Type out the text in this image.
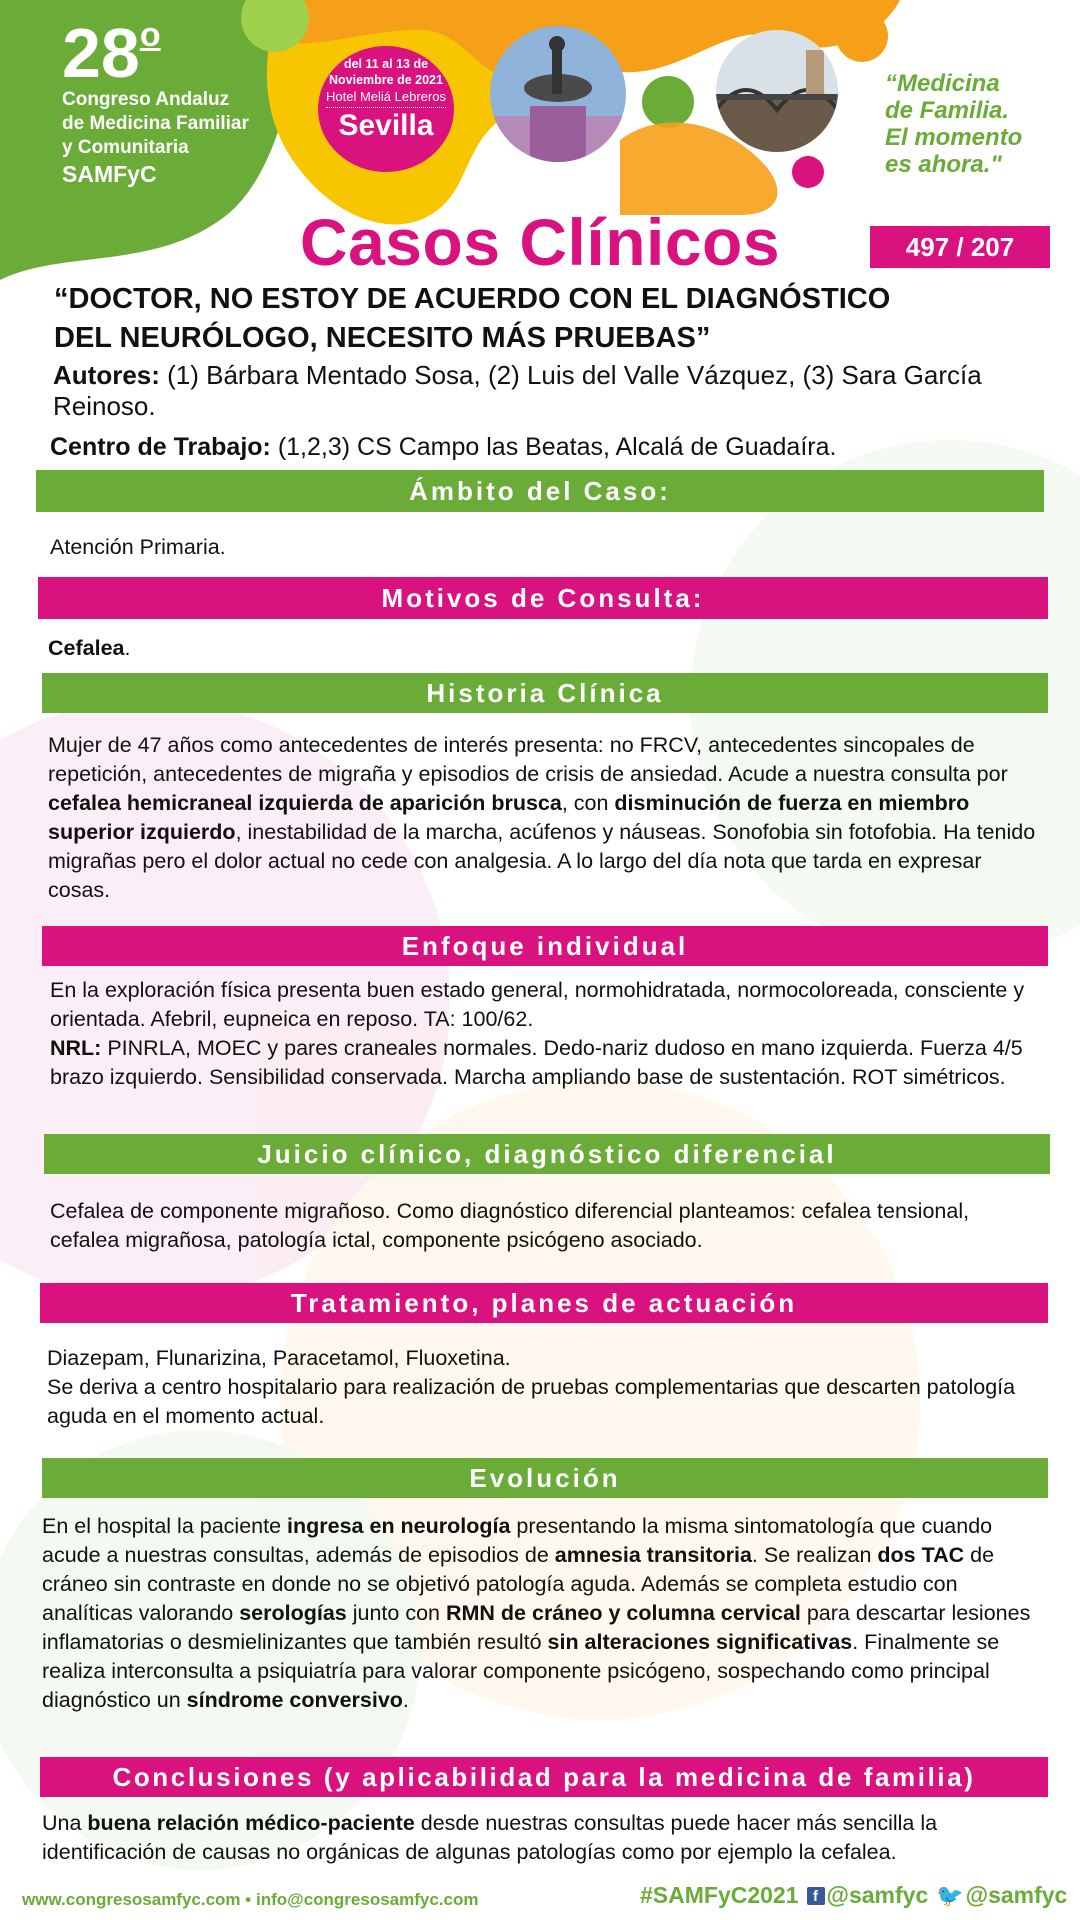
28$^o$
Congreso Andaluz
de Medicina Familiar
y Comunitaria
SAMFyC
del 11 al 13 de
Noviembre de 2021
Hotel Meliá Lebreros
Sevilla
“Medicina
de Familia.
El momento
es ahora."
Casos Clínicos	497 / 207
“DOCTOR, NO ESTOY DE ACUERDO CON EL DIAGNÓSTICO
DEL NEURÓLOGO, NECESITO MÁS PRUEBAS”
Autores: (1) Bárbara Mentado Sosa, (2) Luis del Valle Vázquez, (3) Sara García Reinoso.
Centro de Trabajo: (1,2,3) CS Campo las Beatas, Alcalá de Guadaíra.
Ámbito del Caso:
Atención Primaria.
Motivos de Consulta:
Cefalea.
Historia Clínica
Mujer de 47 años como antecedentes de interés presenta: no FRCV, antecedentes sincopales de repetición, antecedentes de migraña y episodios de crisis de ansiedad. Acude a nuestra consulta por cefalea hemicraneal izquierda de aparición brusca, con disminución de fuerza en miembro superior izquierdo, inestabilidad de la marcha, acúfenos y náuseas. Sonofobia sin fotofobia. Ha tenido migrañas pero el dolor actual no cede con analgesia. A lo largo del día nota que tarda en expresar cosas.
Enfoque individual
En la exploración física presenta buen estado general, normohidratada, normocoloreada, consciente y orientada. Afebril, eupneica en reposo. TA: 100/62.
NRL: PINRLA, MOEC y pares craneales normales. Dedo-nariz dudoso en mano izquierda. Fuerza 4/5 brazo izquierdo. Sensibilidad conservada. Marcha ampliando base de sustentación. ROT simétricos.
Juicio clínico, diagnóstico diferencial
Cefalea de componente migrañoso. Como diagnóstico diferencial planteamos: cefalea tensional, cefalea migrañosa, patología ictal, componente psicógeno asociado.
Tratamiento, planes de actuación
Diazepam, Flunarizina, Paracetamol, Fluoxetina.
Se deriva a centro hospitalario para realización de pruebas complementarias que descarten patología aguda en el momento actual.
Evolución
En el hospital la paciente ingresa en neurología presentando la misma sintomatología que cuando acude a nuestras consultas, además de episodios de amnesia transitoria. Se realizan dos TAC de cráneo sin contraste en donde no se objetivó patología aguda. Además se completa estudio con analíticas valorando serologías junto con RMN de cráneo y columna cervical para descartar lesiones inflamatorias o desmielinizantes que también resultó sin alteraciones significativas. Finalmente se realiza interconsulta a psiquiatría para valorar componente psicógeno, sospechando como principal diagnóstico un síndrome conversivo.
Conclusiones (y aplicabilidad para la medicina de familia)
Una buena relación médico-paciente desde nuestras consultas puede hacer más sencilla la identificación de causas no orgánicas de algunas patologías como por ejemplo la cefalea.
www.congresosamfyc.com • info@congresosamfyc.com	#SAMFyC2021 f @samfyc 🐦 @samfyc
